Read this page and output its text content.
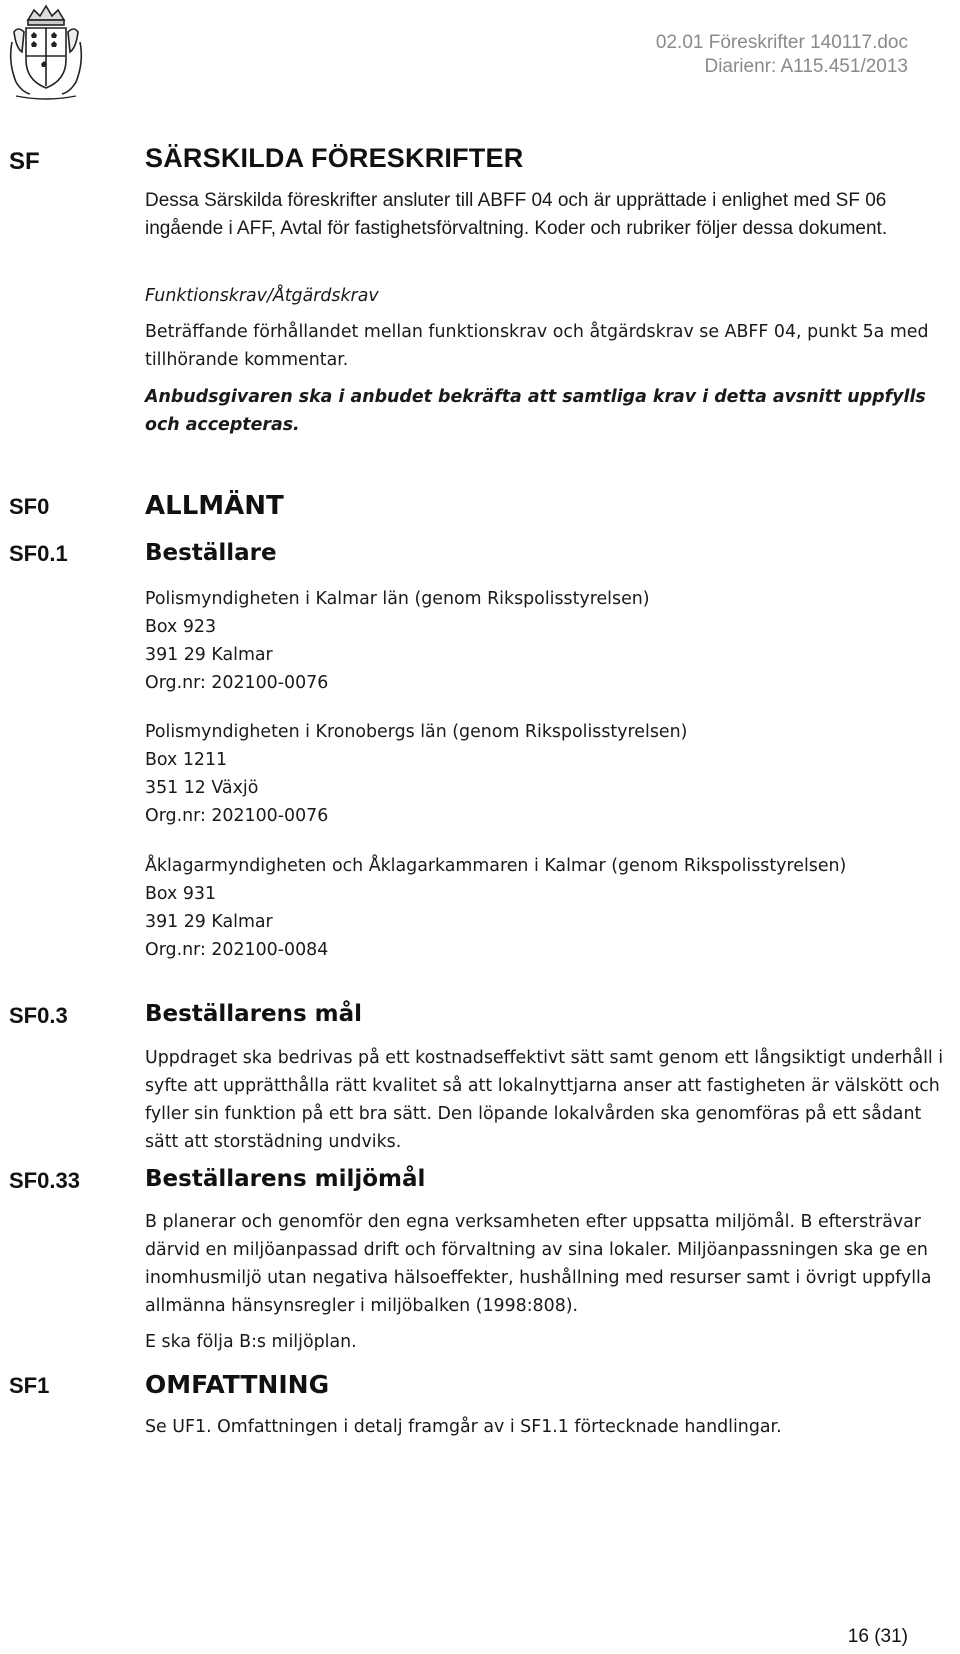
02.01 Föreskrifter 140117.doc
Diarienr: A115.451/2013
SF	SÄRSKILDA FÖRESKRIFTER
Dessa Särskilda föreskrifter ansluter till ABFF 04 och är upprättade i enlighet med SF 06 ingående i AFF, Avtal för fastighetsförvaltning. Koder och rubriker följer dessa dokument.
Funktionskrav/Åtgärdskrav
Beträffande förhållandet mellan funktionskrav och åtgärdskrav se ABFF 04, punkt 5a med tillhörande kommentar.
Anbudsgivaren ska i anbudet bekräfta att samtliga krav i detta avsnitt uppfylls och accepteras.
SF0	ALLMÄNT
SF0.1	Beställare
Polismyndigheten i Kalmar län (genom Rikspolisstyrelsen)
Box 923
391 29 Kalmar
Org.nr: 202100-0076
Polismyndigheten i Kronobergs län (genom Rikspolisstyrelsen)
Box 1211
351 12 Växjö
Org.nr: 202100-0076
Åklagarmyndigheten och Åklagarkammaren i Kalmar (genom Rikspolisstyrelsen)
Box 931
391 29 Kalmar
Org.nr: 202100-0084
SF0.3	Beställarens mål
Uppdraget ska bedrivas på ett kostnadseffektivt sätt samt genom ett långsiktigt underhåll i syfte att upprätthålla rätt kvalitet så att lokalnyttjarna anser att fastigheten är välskött och fyller sin funktion på ett bra sätt. Den löpande lokalvården ska genomföras på ett sådant sätt att storstädning undviks.
SF0.33	Beställarens miljömål
B planerar och genomför den egna verksamheten efter uppsatta miljömål. B eftersträvar därvid en miljöanpassad drift och förvaltning av sina lokaler. Miljöanpassningen ska ge en inomhusmiljö utan negativa hälsoeffekter, hushållning med resurser samt i övrigt uppfylla allmänna hänsynsregler i miljöbalken (1998:808).
E ska följa B:s miljöplan.
SF1	OMFATTNING
Se UF1. Omfattningen i detalj framgår av i SF1.1 förtecknade handlingar.
16 (31)
